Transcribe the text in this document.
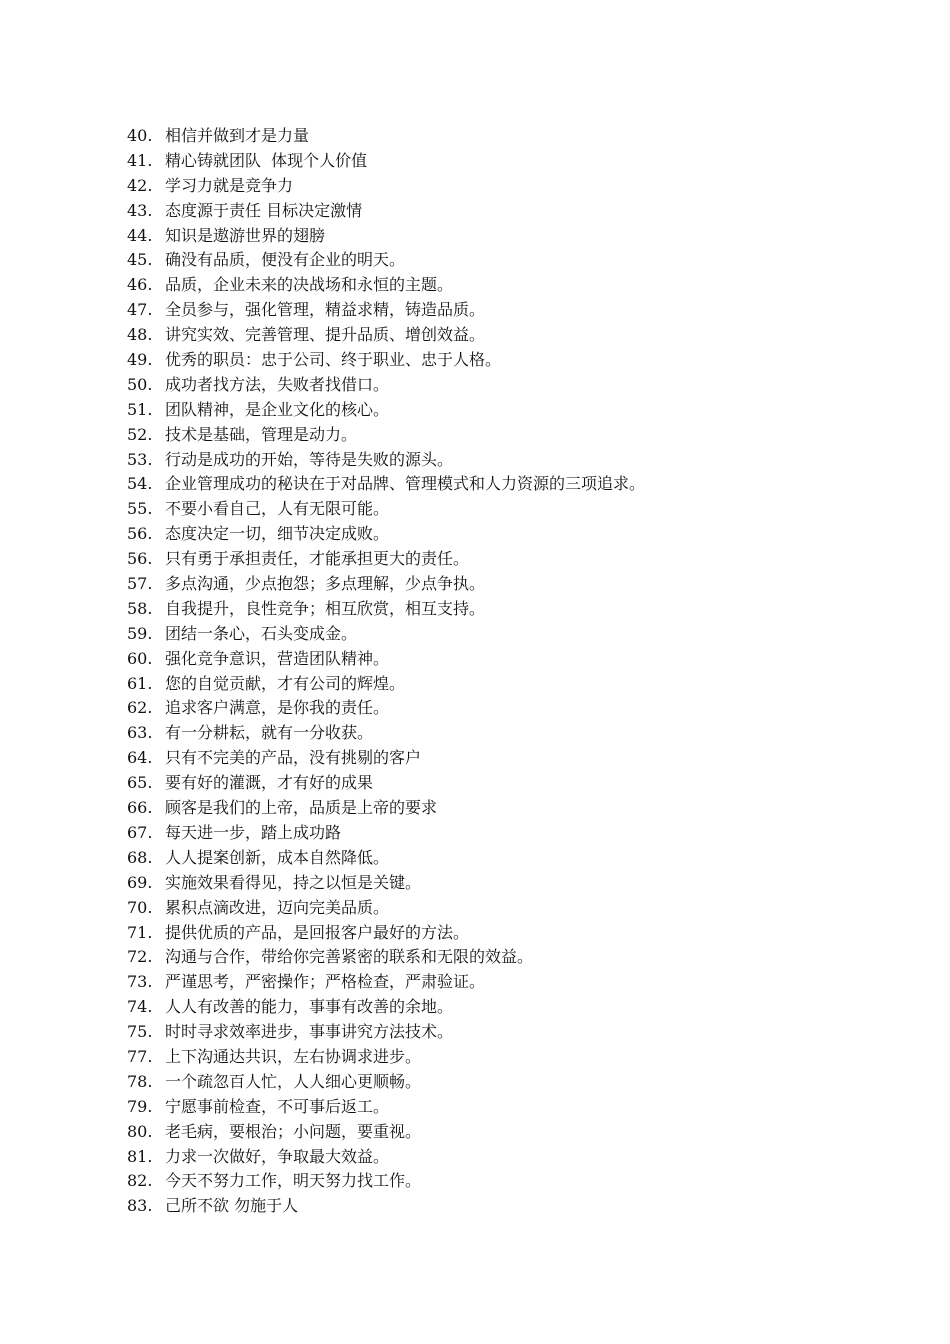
40. 相信并做到才是力量
41. 精心铸就团队  体现个人价值
42. 学习力就是竞争力
43. 态度源于责任 目标决定激情
44. 知识是遨游世界的翅膀
45. 确没有品质，便没有企业的明天。
46. 品质，企业未来的决战场和永恒的主题。
47. 全员参与，强化管理，精益求精，铸造品质。
48. 讲究实效、完善管理、提升品质、增创效益。
49. 优秀的职员：忠于公司、终于职业、忠于人格。
50. 成功者找方法，失败者找借口。
51. 团队精神，是企业文化的核心。
52. 技术是基础，管理是动力。
53. 行动是成功的开始，等待是失败的源头。
54. 企业管理成功的秘诀在于对品牌、管理模式和人力资源的三项追求。
55. 不要小看自己，人有无限可能。
56. 态度决定一切，细节决定成败。
56. 只有勇于承担责任，才能承担更大的责任。
57. 多点沟通，少点抱怨；多点理解，少点争执。
58. 自我提升，良性竞争；相互欣赏，相互支持。
59. 团结一条心，石头变成金。
60. 强化竞争意识，营造团队精神。
61. 您的自觉贡献，才有公司的辉煌。
62. 追求客户满意，是你我的责任。
63. 有一分耕耘，就有一分收获。
64. 只有不完美的产品，没有挑剔的客户
65. 要有好的灌溉，才有好的成果
66. 顾客是我们的上帝，品质是上帝的要求
67. 每天进一步，踏上成功路
68. 人人提案创新，成本自然降低。
69. 实施效果看得见，持之以恒是关键。
70. 累积点滴改进，迈向完美品质。
71. 提供优质的产品，是回报客户最好的方法。
72. 沟通与合作，带给你完善紧密的联系和无限的效益。
73. 严谨思考，严密操作；严格检查，严肃验证。
74. 人人有改善的能力，事事有改善的余地。
75. 时时寻求效率进步，事事讲究方法技术。
77. 上下沟通达共识，左右协调求进步。
78. 一个疏忽百人忙，人人细心更顺畅。
79. 宁愿事前检查，不可事后返工。
80. 老毛病，要根治；小问题，要重视。
81. 力求一次做好，争取最大效益。
82. 今天不努力工作，明天努力找工作。
83. 己所不欲 勿施于人
